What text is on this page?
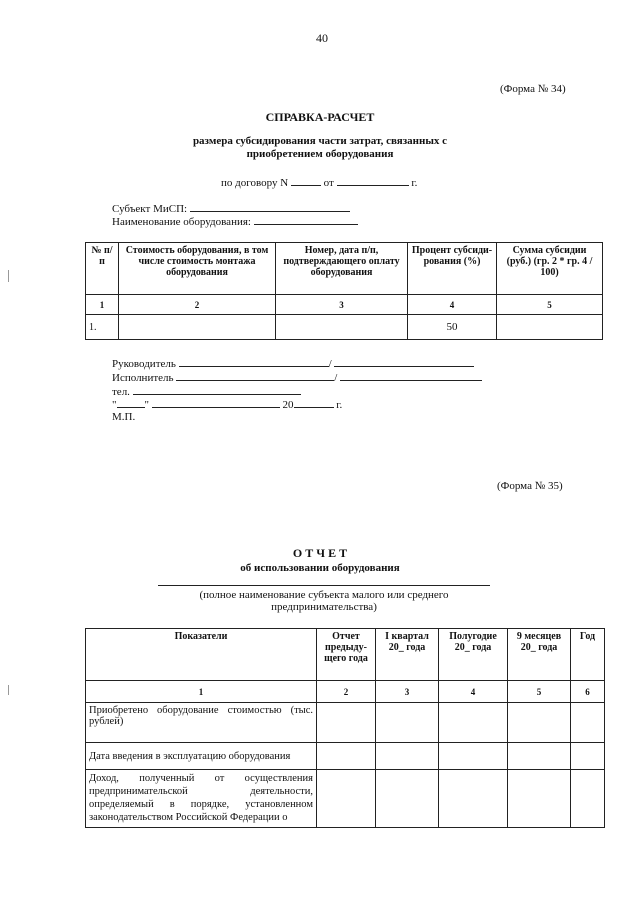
40
(Форма № 34)
СПРАВКА-РАСЧЕТ
размера субсидирования части затрат, связанных с
приобретением оборудования
по договору N	от	г.
Субъект МиСП:
Наименование оборудования:
№ п/п	Стоимость оборудования, в том числе стоимость монтажа оборудования	Номер, дата п/п, подтверждающего оплату оборудования	Процент субсиди-рования (%)	Сумма субсидии (руб.) (гр. 2 * гр. 4 / 100)
1	2	3	4	5
1.			50	
Руководитель	/
Исполнитель	/
тел.
"	"	20	г.
М.П.
(Форма № 35)
О Т Ч Е Т
об использовании оборудования
(полное наименование субъекта малого или среднего
предпринимательства)
Показатели	Отчет предыду-щего года	I квартал 20_ года	Полугодие 20_ года	9 месяцев 20_ года	Год
1	2	3	4	5	6
Приобретено оборудование стоимостью (тыс. рублей)					
Дата введения в эксплуатацию оборудования					
Доход, полученный от осуществления предпринимательской деятельности, определяемый в порядке, установленном законодательством Российской Федерации о					
